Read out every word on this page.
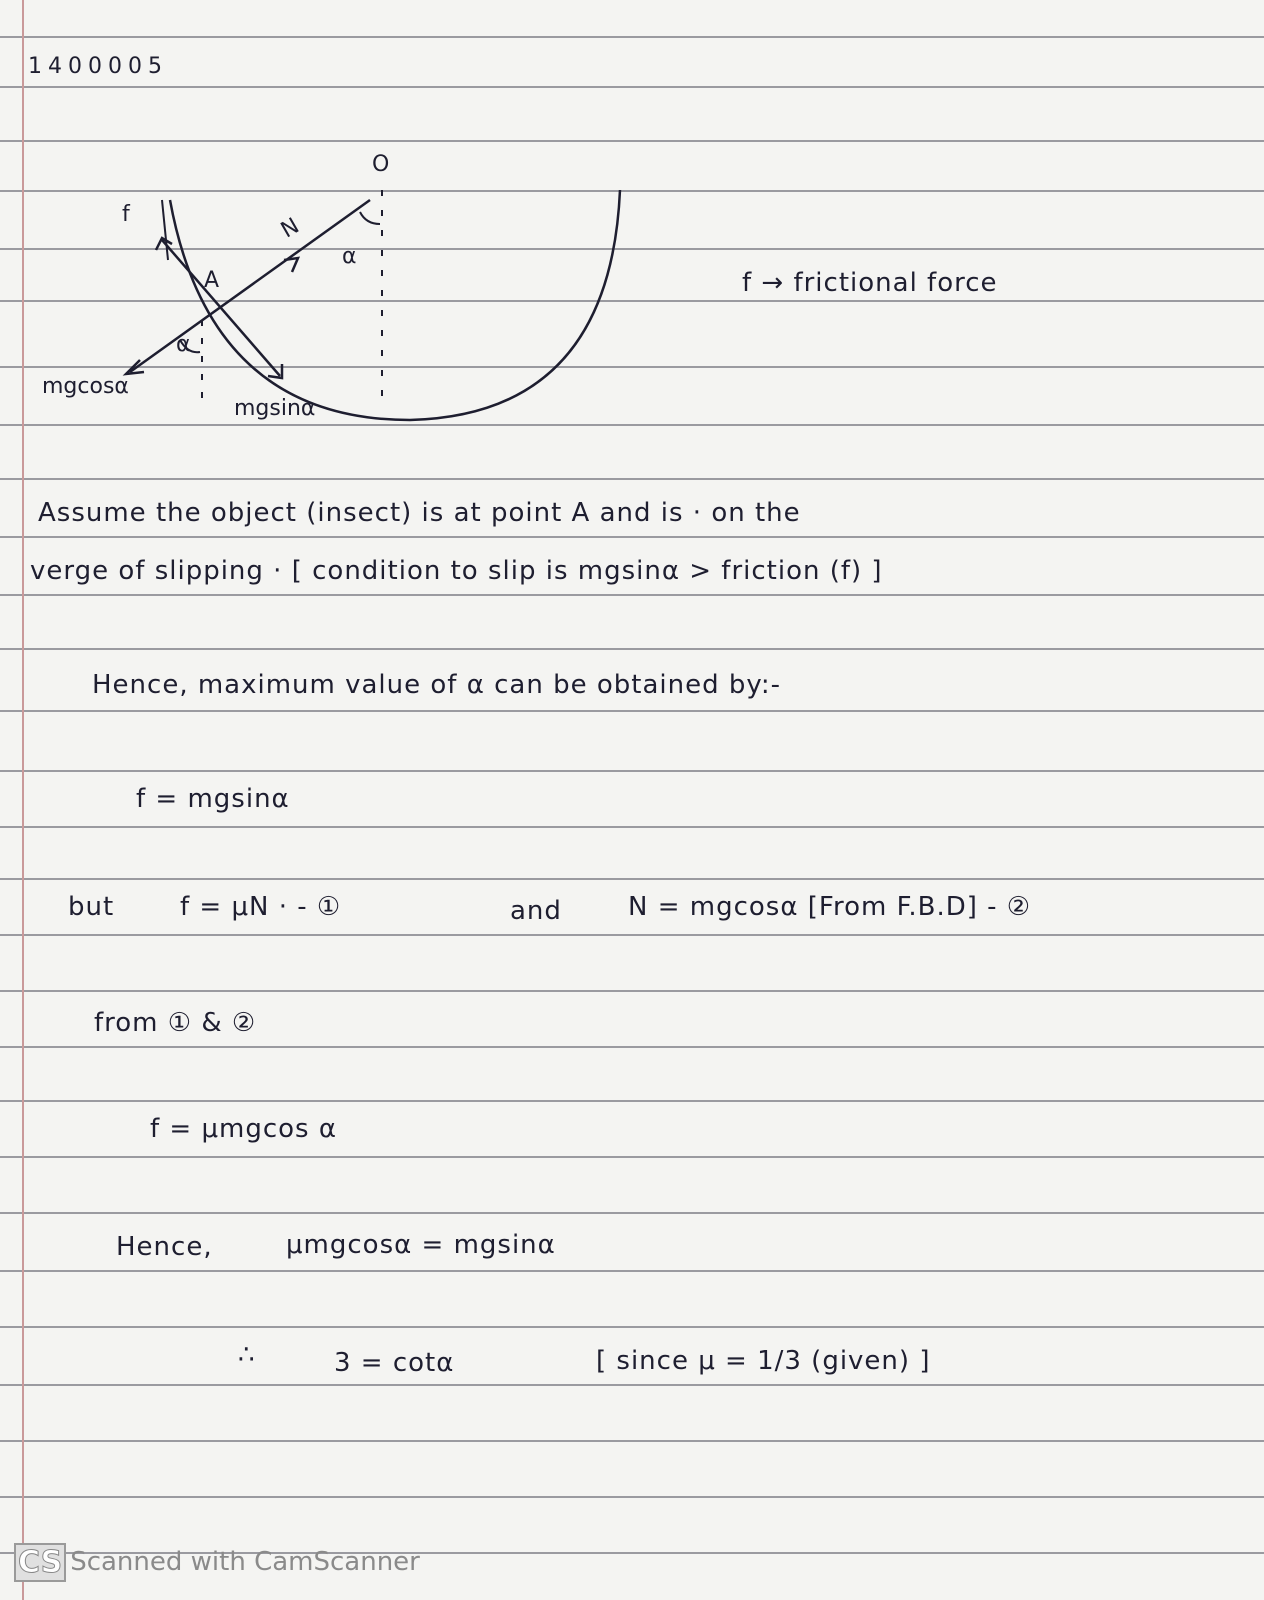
1400005
O
f	N
α
A
α
mgcosα
mgsinα
f → frictional force
Assume the object (insect) is at point A and is · on the
verge of slipping · [ condition to slip is mgsinα > friction (f) ]
Hence, maximum value of α can be obtained by:-
f = mgsinα
but	f = μN · - ①	and	N = mgcosα [From F.B.D] - ②
from ① & ②
f = μmgcos α
Hence,	μmgcosα = mgsinα
∴	3 = cotα	[ since μ = 1/3 (given) ]
CS Scanned with CamScanner
